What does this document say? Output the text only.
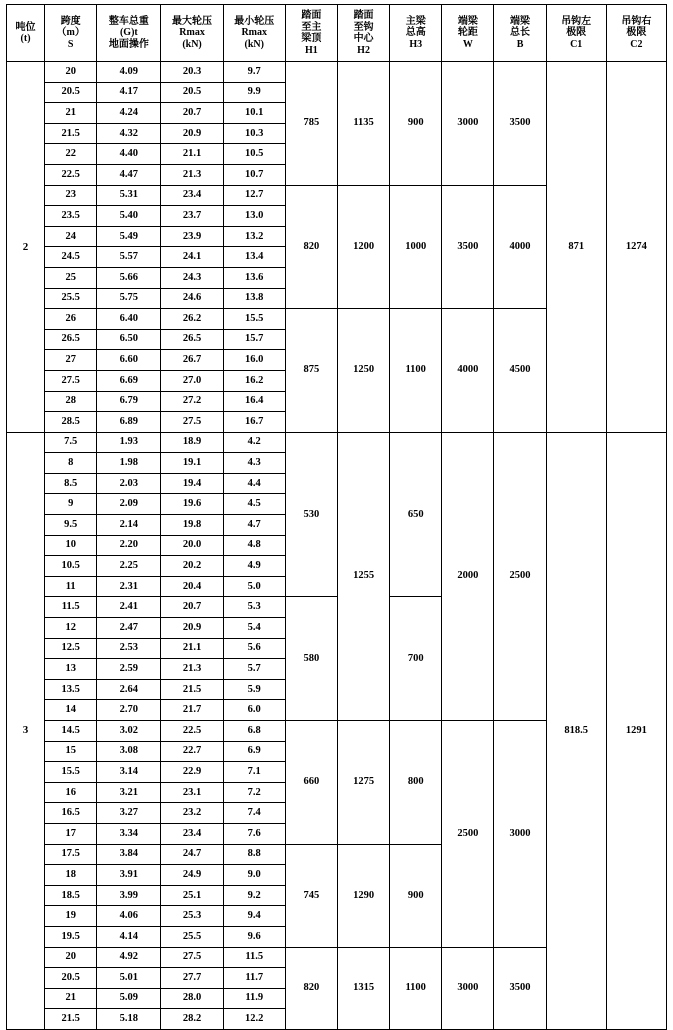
吨位
(t)	跨度
（m）
S	整车总重
(G)t
地面操作	最大轮压
Rmax
(kN)	最小轮压
Rmax
(kN)	踏面
至主
梁顶
H1	踏面
至钩
中心
H2	主梁
总高
H3	端梁
轮距
W	端梁
总长
B	吊钩左
极限
C1	吊钩右
极限
C2

2	20	4.09	20.3	9.7	785	1135	900	3000	3500	871	1274
	20.5	4.17	20.5	9.9							
	21	4.24	20.7	10.1							
	21.5	4.32	20.9	10.3							
	22	4.40	21.1	10.5							
	22.5	4.47	21.3	10.7							
	23	5.31	23.4	12.7	820	1200	1000	3500	4000		
	23.5	5.40	23.7	13.0							
	24	5.49	23.9	13.2							
	24.5	5.57	24.1	13.4							
	25	5.66	24.3	13.6							
	25.5	5.75	24.6	13.8							
	26	6.40	26.2	15.5	875	1250	1100	4000	4500		
	26.5	6.50	26.5	15.7							
	27	6.60	26.7	16.0							
	27.5	6.69	27.0	16.2							
	28	6.79	27.2	16.4							
	28.5	6.89	27.5	16.7							
3	7.5	1.93	18.9	4.2	530	1255	650	2000	2500	818.5	1291
	8	1.98	19.1	4.3							
	8.5	2.03	19.4	4.4							
	9	2.09	19.6	4.5							
	9.5	2.14	19.8	4.7							
	10	2.20	20.0	4.8							
	10.5	2.25	20.2	4.9							
	11	2.31	20.4	5.0							
	11.5	2.41	20.7	5.3	580		700				
	12	2.47	20.9	5.4							
	12.5	2.53	21.1	5.6							
	13	2.59	21.3	5.7							
	13.5	2.64	21.5	5.9							
	14	2.70	21.7	6.0							
	14.5	3.02	22.5	6.8	660	1275	800	2500	3000		
	15	3.08	22.7	6.9							
	15.5	3.14	22.9	7.1							
	16	3.21	23.1	7.2							
	16.5	3.27	23.2	7.4							
	17	3.34	23.4	7.6							
	17.5	3.84	24.7	8.8	745	1290	900				
	18	3.91	24.9	9.0							
	18.5	3.99	25.1	9.2							
	19	4.06	25.3	9.4							
	19.5	4.14	25.5	9.6							
	20	4.92	27.5	11.5	820	1315	1100	3000	3500		
	20.5	5.01	27.7	11.7							
	21	5.09	28.0	11.9							
	21.5	5.18	28.2	12.2							
